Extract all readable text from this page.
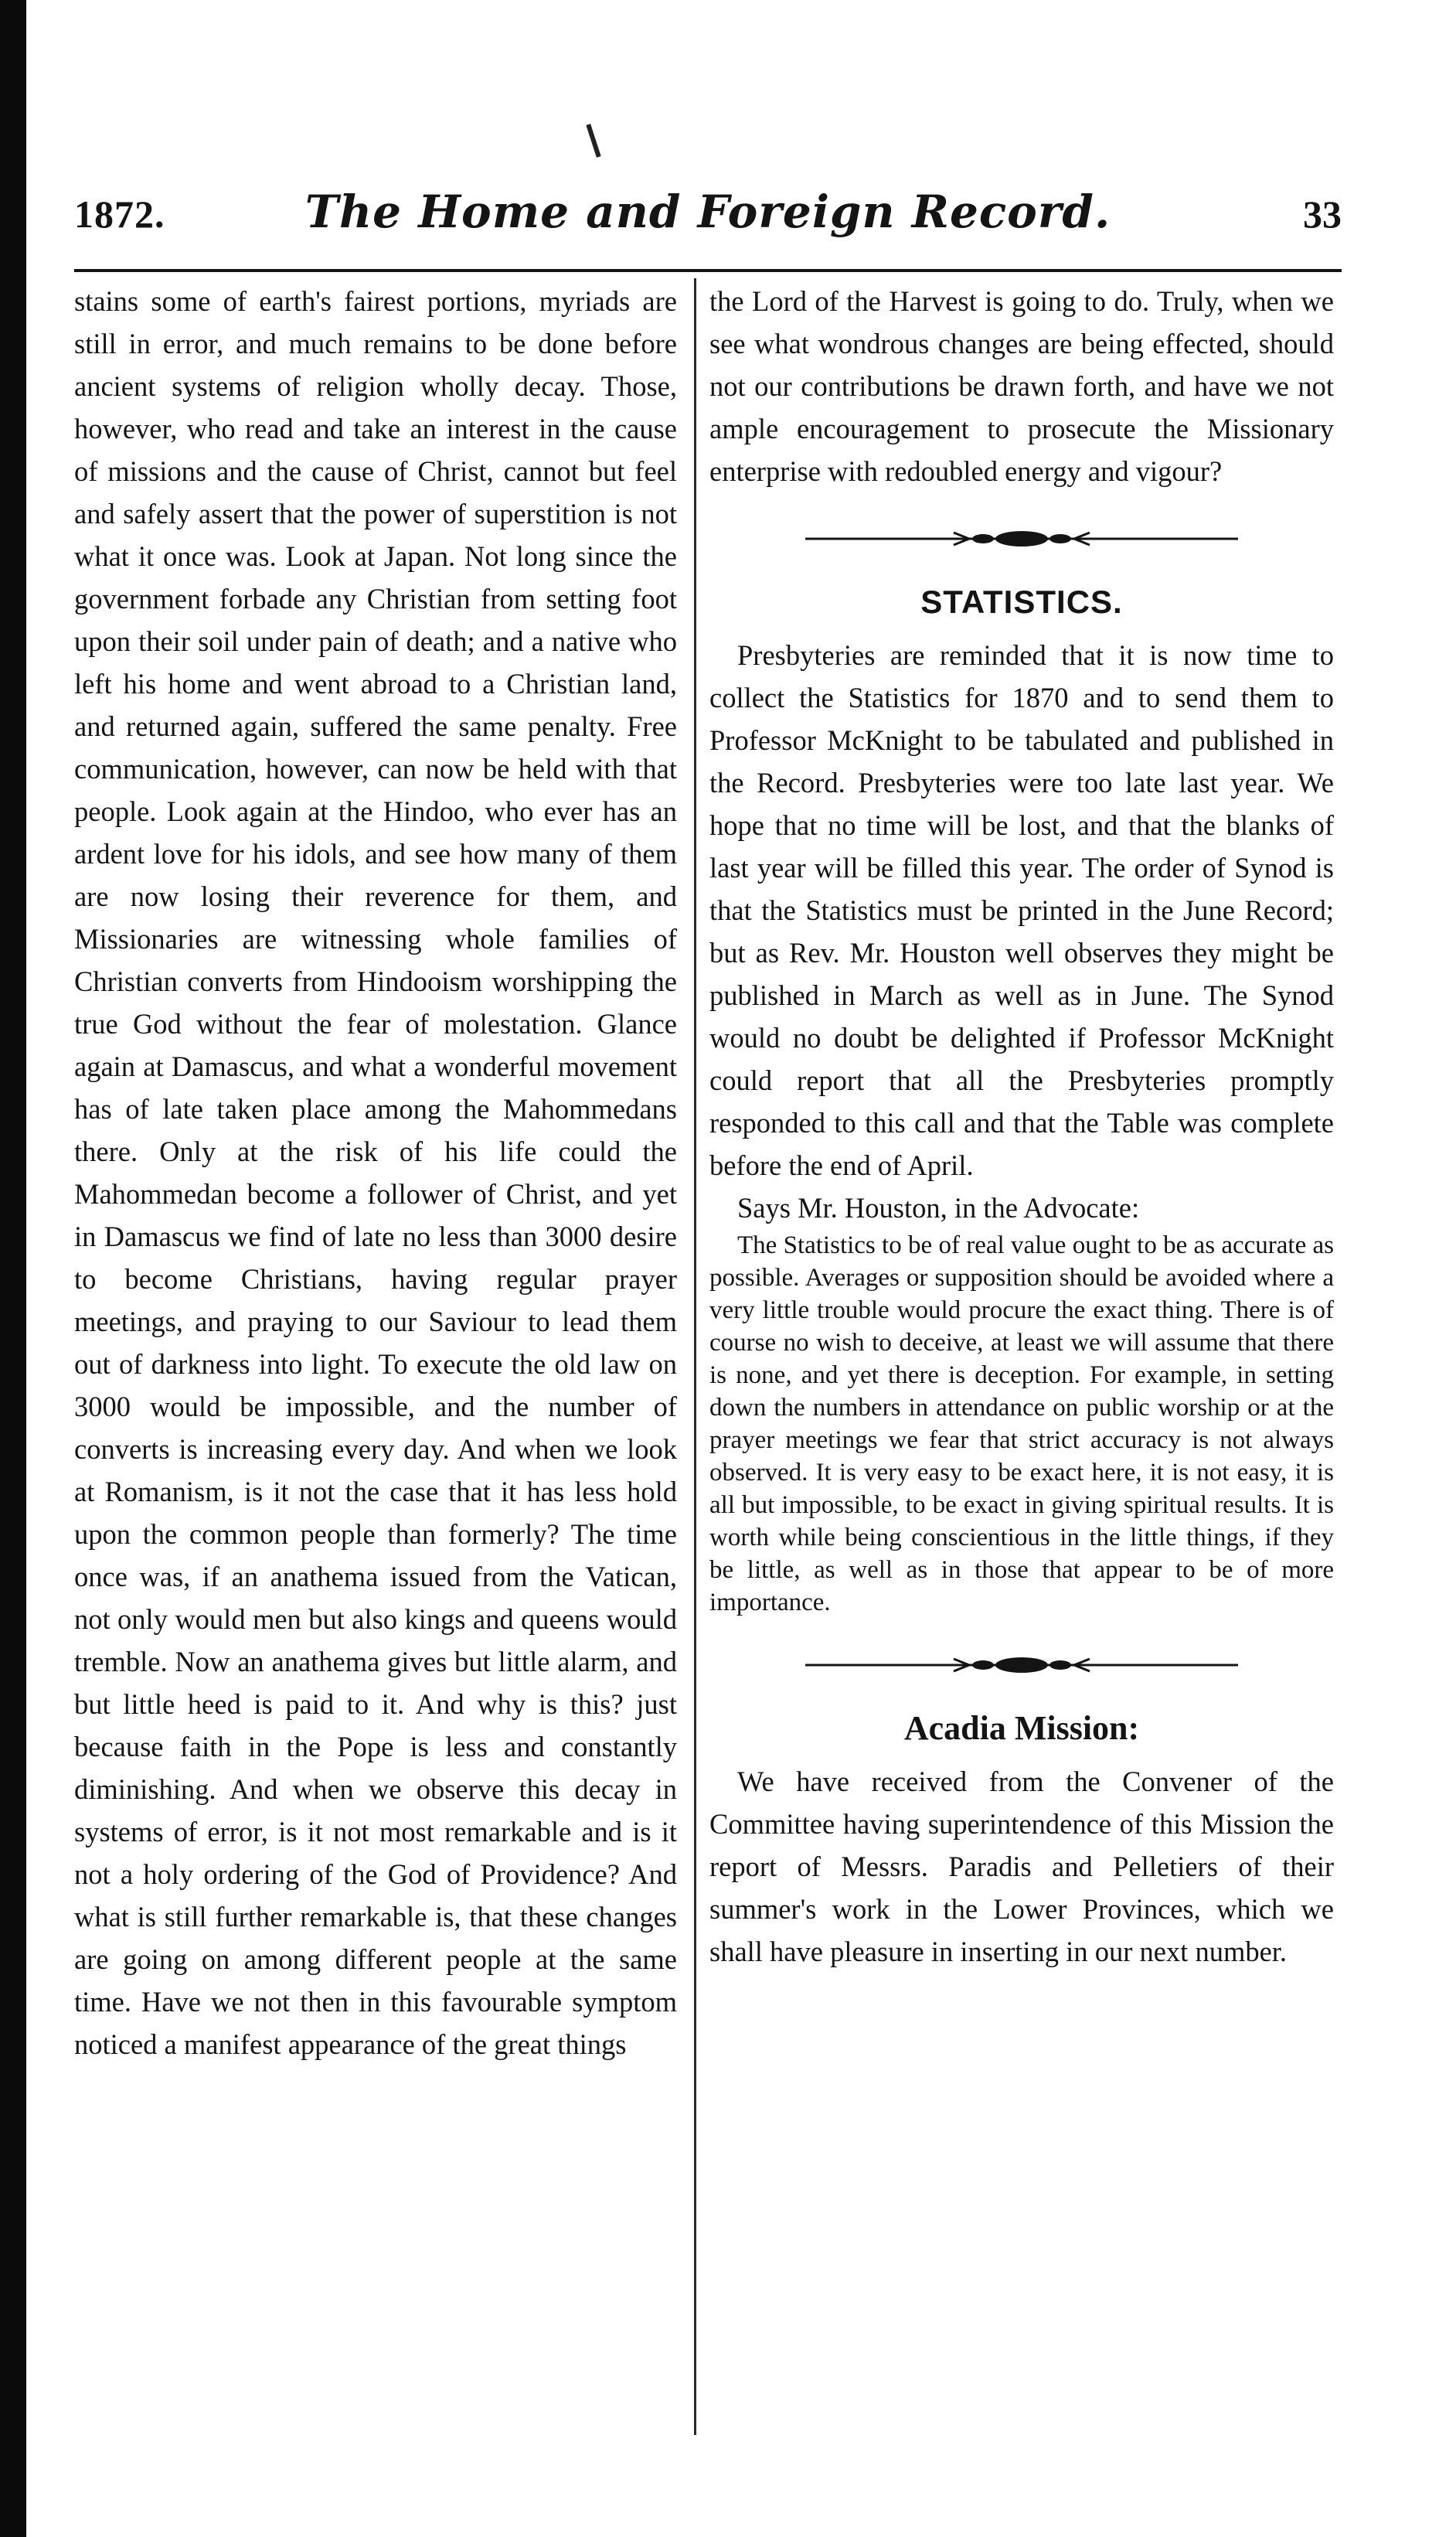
1872.	The Home and Foreign Record.	33

stains some of earth's fairest portions, myriads are still in error, and much remains to be done before ancient systems of religion wholly decay. Those, however, who read and take an interest in the cause of missions and the cause of Christ, cannot but feel and safely assert that the power of superstition is not what it once was. Look at Japan. Not long since the government forbade any Christian from setting foot upon their soil under pain of death; and a native who left his home and went abroad to a Christian land, and returned again, suffered the same penalty. Free communication, however, can now be held with that people. Look again at the Hindoo, who ever has an ardent love for his idols, and see how many of them are now losing their reverence for them, and Missionaries are witnessing whole families of Christian converts from Hindooism worshipping the true God without the fear of molestation. Glance again at Damascus, and what a wonderful movement has of late taken place among the Mahommedans there. Only at the risk of his life could the Mahommedan become a follower of Christ, and yet in Damascus we find of late no less than 3000 desire to become Christians, having regular prayer meetings, and praying to our Saviour to lead them out of darkness into light. To execute the old law on 3000 would be impossible, and the number of converts is increasing every day. And when we look at Romanism, is it not the case that it has less hold upon the common people than formerly? The time once was, if an anathema issued from the Vatican, not only would men but also kings and queens would tremble. Now an anathema gives but little alarm, and but little heed is paid to it. And why is this? just because faith in the Pope is less and constantly diminishing. And when we observe this decay in systems of error, is it not most remarkable and is it not a holy ordering of the God of Providence? And what is still further remarkable is, that these changes are going on among different people at the same time. Have we not then in this favourable symptom noticed a manifest appearance of the great things

the Lord of the Harvest is going to do. Truly, when we see what wondrous changes are being effected, should not our contributions be drawn forth, and have we not ample encouragement to prosecute the Missionary enterprise with redoubled energy and vigour?

STATISTICS.

Presbyteries are reminded that it is now time to collect the Statistics for 1870 and to send them to Professor McKnight to be tabulated and published in the Record. Presbyteries were too late last year. We hope that no time will be lost, and that the blanks of last year will be filled this year. The order of Synod is that the Statistics must be printed in the June Record; but as Rev. Mr. Houston well observes they might be published in March as well as in June. The Synod would no doubt be delighted if Professor McKnight could report that all the Presbyteries promptly responded to this call and that the Table was complete before the end of April.

Says Mr. Houston, in the Advocate:

The Statistics to be of real value ought to be as accurate as possible. Averages or supposition should be avoided where a very little trouble would procure the exact thing. There is of course no wish to deceive, at least we will assume that there is none, and yet there is deception. For example, in setting down the numbers in attendance on public worship or at the prayer meetings we fear that strict accuracy is not always observed. It is very easy to be exact here, it is not easy, it is all but impossible, to be exact in giving spiritual results. It is worth while being conscientious in the little things, if they be little, as well as in those that appear to be of more importance.

Acadia Mission:

We have received from the Convener of the Committee having superintendence of this Mission the report of Messrs. Paradis and Pelletiers of their summer's work in the Lower Provinces, which we shall have pleasure in inserting in our next number.
